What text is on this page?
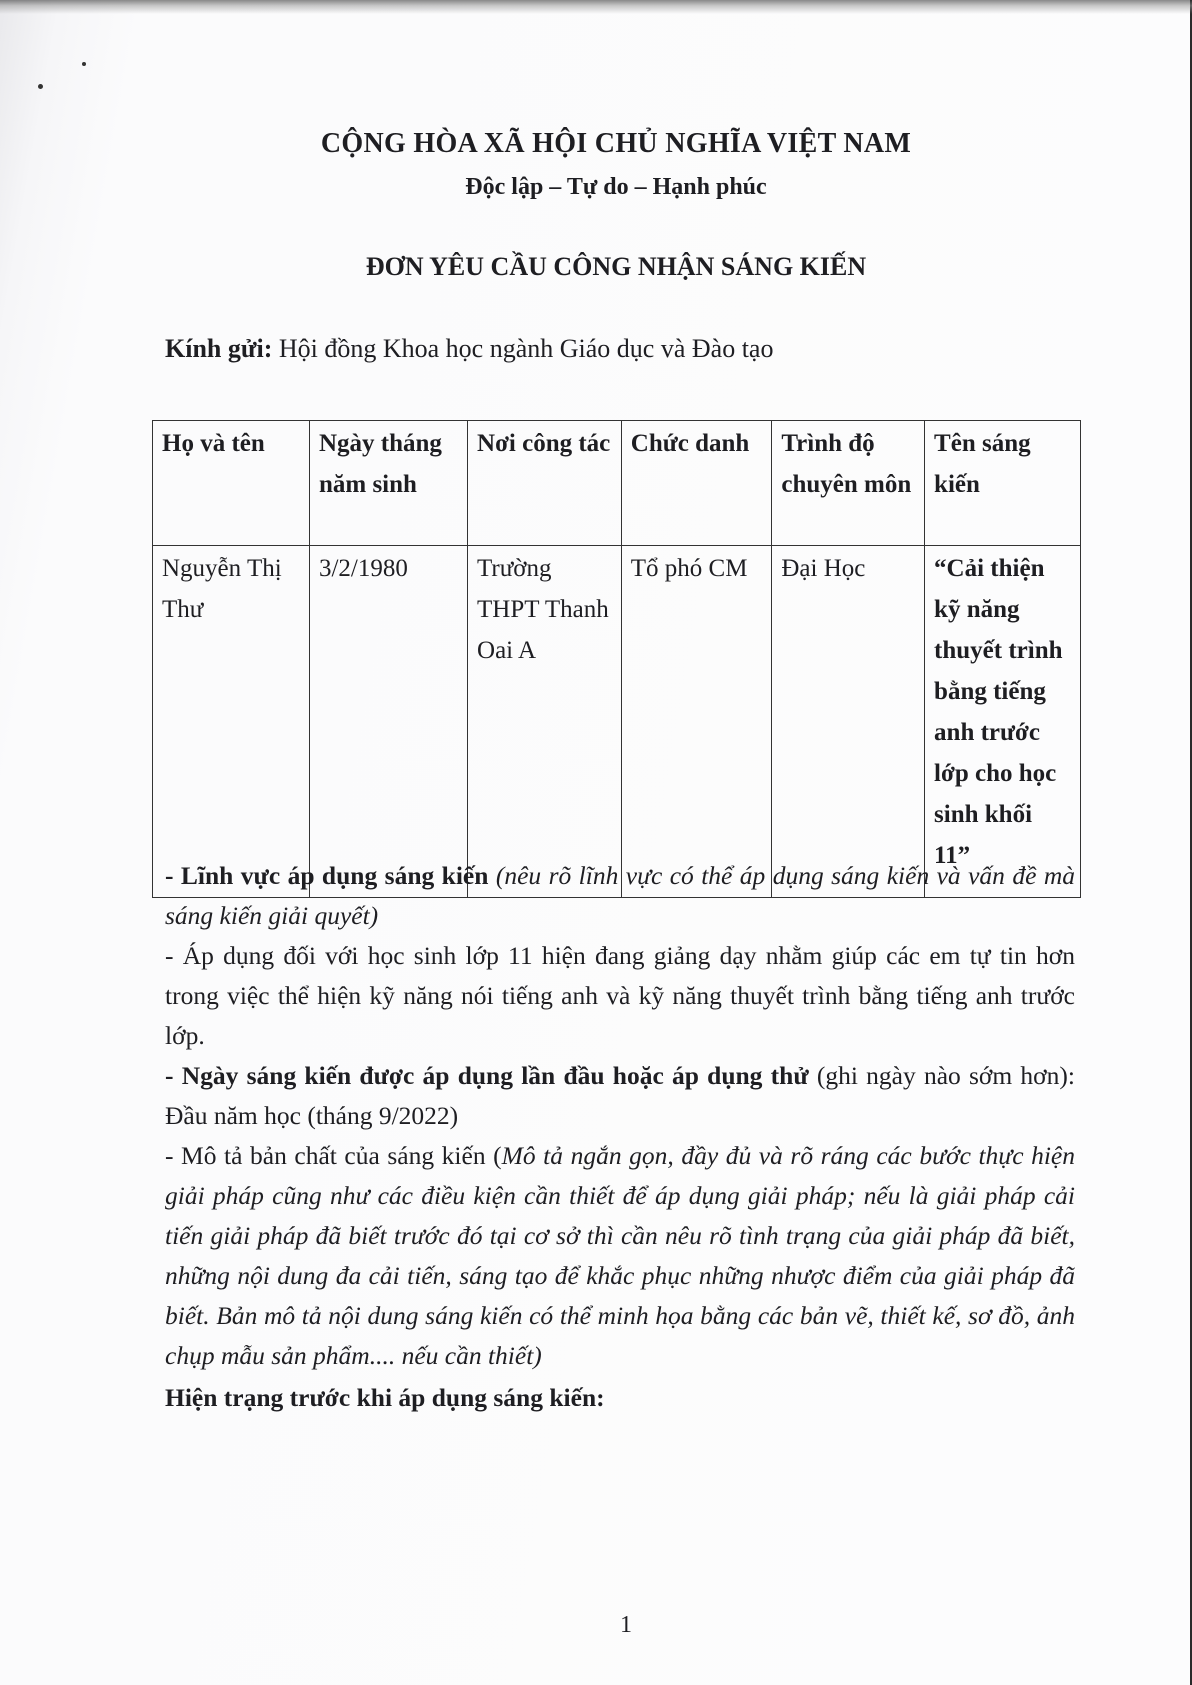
CỘNG HÒA XÃ HỘI CHỦ NGHĨA VIỆT NAM
Độc lập – Tự do – Hạnh phúc
ĐƠN YÊU CẦU CÔNG NHẬN SÁNG KIẾN
Kính gửi: Hội đồng Khoa học ngành Giáo dục và Đào tạo
Họ và tên	Ngày tháng năm sinh	Nơi công tác	Chức danh	Trình độ chuyên môn	Tên sáng kiến
Nguyễn Thị Thư	3/2/1980	Trường THPT Thanh Oai A	Tổ phó CM	Đại Học	“Cải thiện kỹ năng thuyết trình bằng tiếng anh trước lớp cho học sinh khối 11”

- Lĩnh vực áp dụng sáng kiến (nêu rõ lĩnh vực có thể áp dụng sáng kiến và vấn đề mà sáng kiến giải quyết)

- Áp dụng đối với học sinh lớp 11 hiện đang giảng dạy nhằm giúp các em tự tin hơn trong việc thể hiện kỹ năng nói tiếng anh và kỹ năng thuyết trình bằng tiếng anh trước lớp.

- Ngày sáng kiến được áp dụng lần đầu hoặc áp dụng thử (ghi ngày nào sớm hơn): Đầu năm học (tháng 9/2022)

- Mô tả bản chất của sáng kiến (Mô tả ngắn gọn, đầy đủ và rõ ráng các bước thực hiện giải pháp cũng như các điều kiện cần thiết để áp dụng giải pháp; nếu là giải pháp cải tiến giải pháp đã biết trước đó tại cơ sở thì cần nêu rõ tình trạng của giải pháp đã biết, những nội dung đa cải tiến, sáng tạo để khắc phục những nhược điểm của giải pháp đã biết. Bản mô tả nội dung sáng kiến có thể minh họa bằng các bản vẽ, thiết kế, sơ đồ, ảnh chụp mẫu sản phẩm.... nếu cần thiết)

Hiện trạng trước khi áp dụng sáng kiến:

1
